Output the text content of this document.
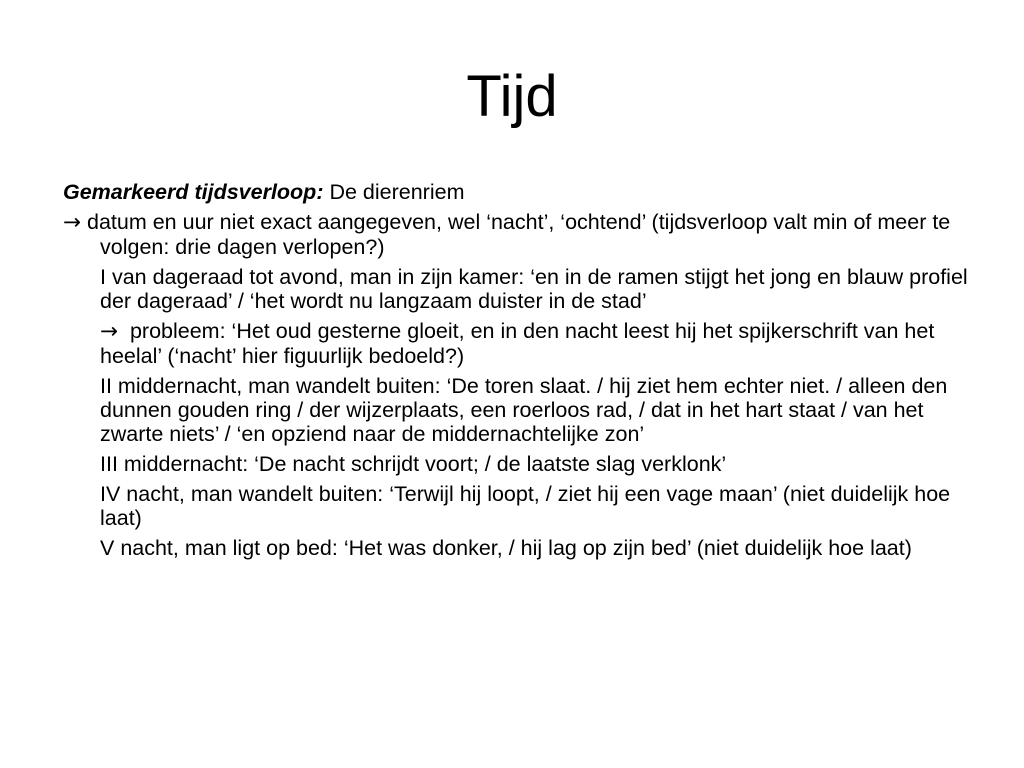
Tijd

Gemarkeerd tijdsverloop: De dierenriem

→ datum en uur niet exact aangegeven, wel ‘nacht’, ‘ochtend’ (tijdsverloop valt min of meer te volgen: drie dagen verlopen?)

I van dageraad tot avond, man in zijn kamer: ‘en in de ramen stijgt het jong en blauw profiel der dageraad’ / ‘het wordt nu langzaam duister in de stad’

→  probleem: ‘Het oud gesterne gloeit, en in den nacht leest hij het spijkerschrift van het heelal’ (‘nacht’ hier figuurlijk bedoeld?)

II middernacht, man wandelt buiten: ‘De toren slaat. / hij ziet hem echter niet. / alleen den dunnen gouden ring / der wijzerplaats, een roerloos rad, / dat in het hart staat / van het zwarte niets’ / ‘en opziend naar de middernachtelijke zon’

III middernacht: ‘De nacht schrijdt voort; / de laatste slag verklonk’

IV nacht, man wandelt buiten: ‘Terwijl hij loopt, / ziet hij een vage maan’ (niet duidelijk hoe laat)

V nacht, man ligt op bed: ‘Het was donker, / hij lag op zijn bed’ (niet duidelijk hoe laat)
